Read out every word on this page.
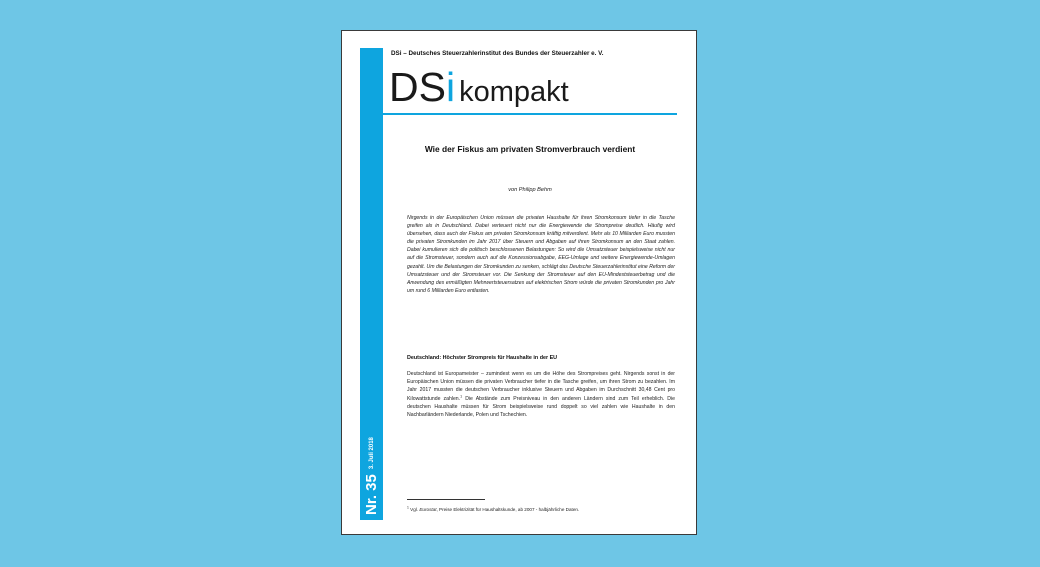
Nr. 35
3. Juli 2018
DSi – Deutsches Steuerzahlerinstitut des Bundes der Steuerzahler e. V.
DSi kompakt
Wie der Fiskus am privaten Stromverbrauch verdient
von Philipp Behm

Nirgends in der Europäischen Union müssen die privaten Haushalte für ihren Stromkonsum tiefer in die Tasche greifen als in Deutschland. Dabei verteuert nicht nur die Energiewende die Strompreise deutlich. Häufig wird übersehen, dass auch der Fiskus am privaten Stromkonsum kräftig mitverdient. Mehr als 10 Milliarden Euro mussten die privaten Stromkunden im Jahr 2017 über Steuern und Abgaben auf ihren Stromkonsum an den Staat zahlen. Dabei kumulieren sich die politisch beschlossenen Belastungen: So wird die Umsatzsteuer beispielsweise nicht nur auf die Stromsteuer, sondern auch auf die Konzessionsabgabe, EEG-Umlage und weitere Energiewende-Umlagen gezahlt. Um die Belastungen der Stromkunden zu senken, schlägt das Deutsche Steuerzahlerinstitut eine Reform der Umsatzsteuer und der Stromsteuer vor. Die Senkung der Stromsteuer auf den EU-Mindeststeuerbetrag und die Anwendung des ermäßigten Mehrwertsteuersatzes auf elektrischen Strom würde die privaten Stromkunden pro Jahr um rund 6 Milliarden Euro entlasten.

Deutschland: Höchster Strompreis für Haushalte in der EU

Deutschland ist Europameister – zumindest wenn es um die Höhe des Strompreises geht. Nirgends sonst in der Europäischen Union müssen die privaten Verbraucher tiefer in die Tasche greifen, um ihren Strom zu bezahlen. Im Jahr 2017 mussten die deutschen Verbraucher inklusive Steuern und Abgaben im Durchschnitt 30,48 Cent pro Kilowattstunde zahlen.$^1$ Die Abstände zum Preisniveau in den anderen Ländern sind zum Teil erheblich. Die deutschen Haushalte müssen für Strom beispielsweise rund doppelt so viel zahlen wie Haushalte in den Nachbarländern Niederlande, Polen und Tschechien.

$^1$ Vgl. Eurostat, Preise Elektrizität für Haushaltskunde, ab 2007 - halbjährliche Daten.
